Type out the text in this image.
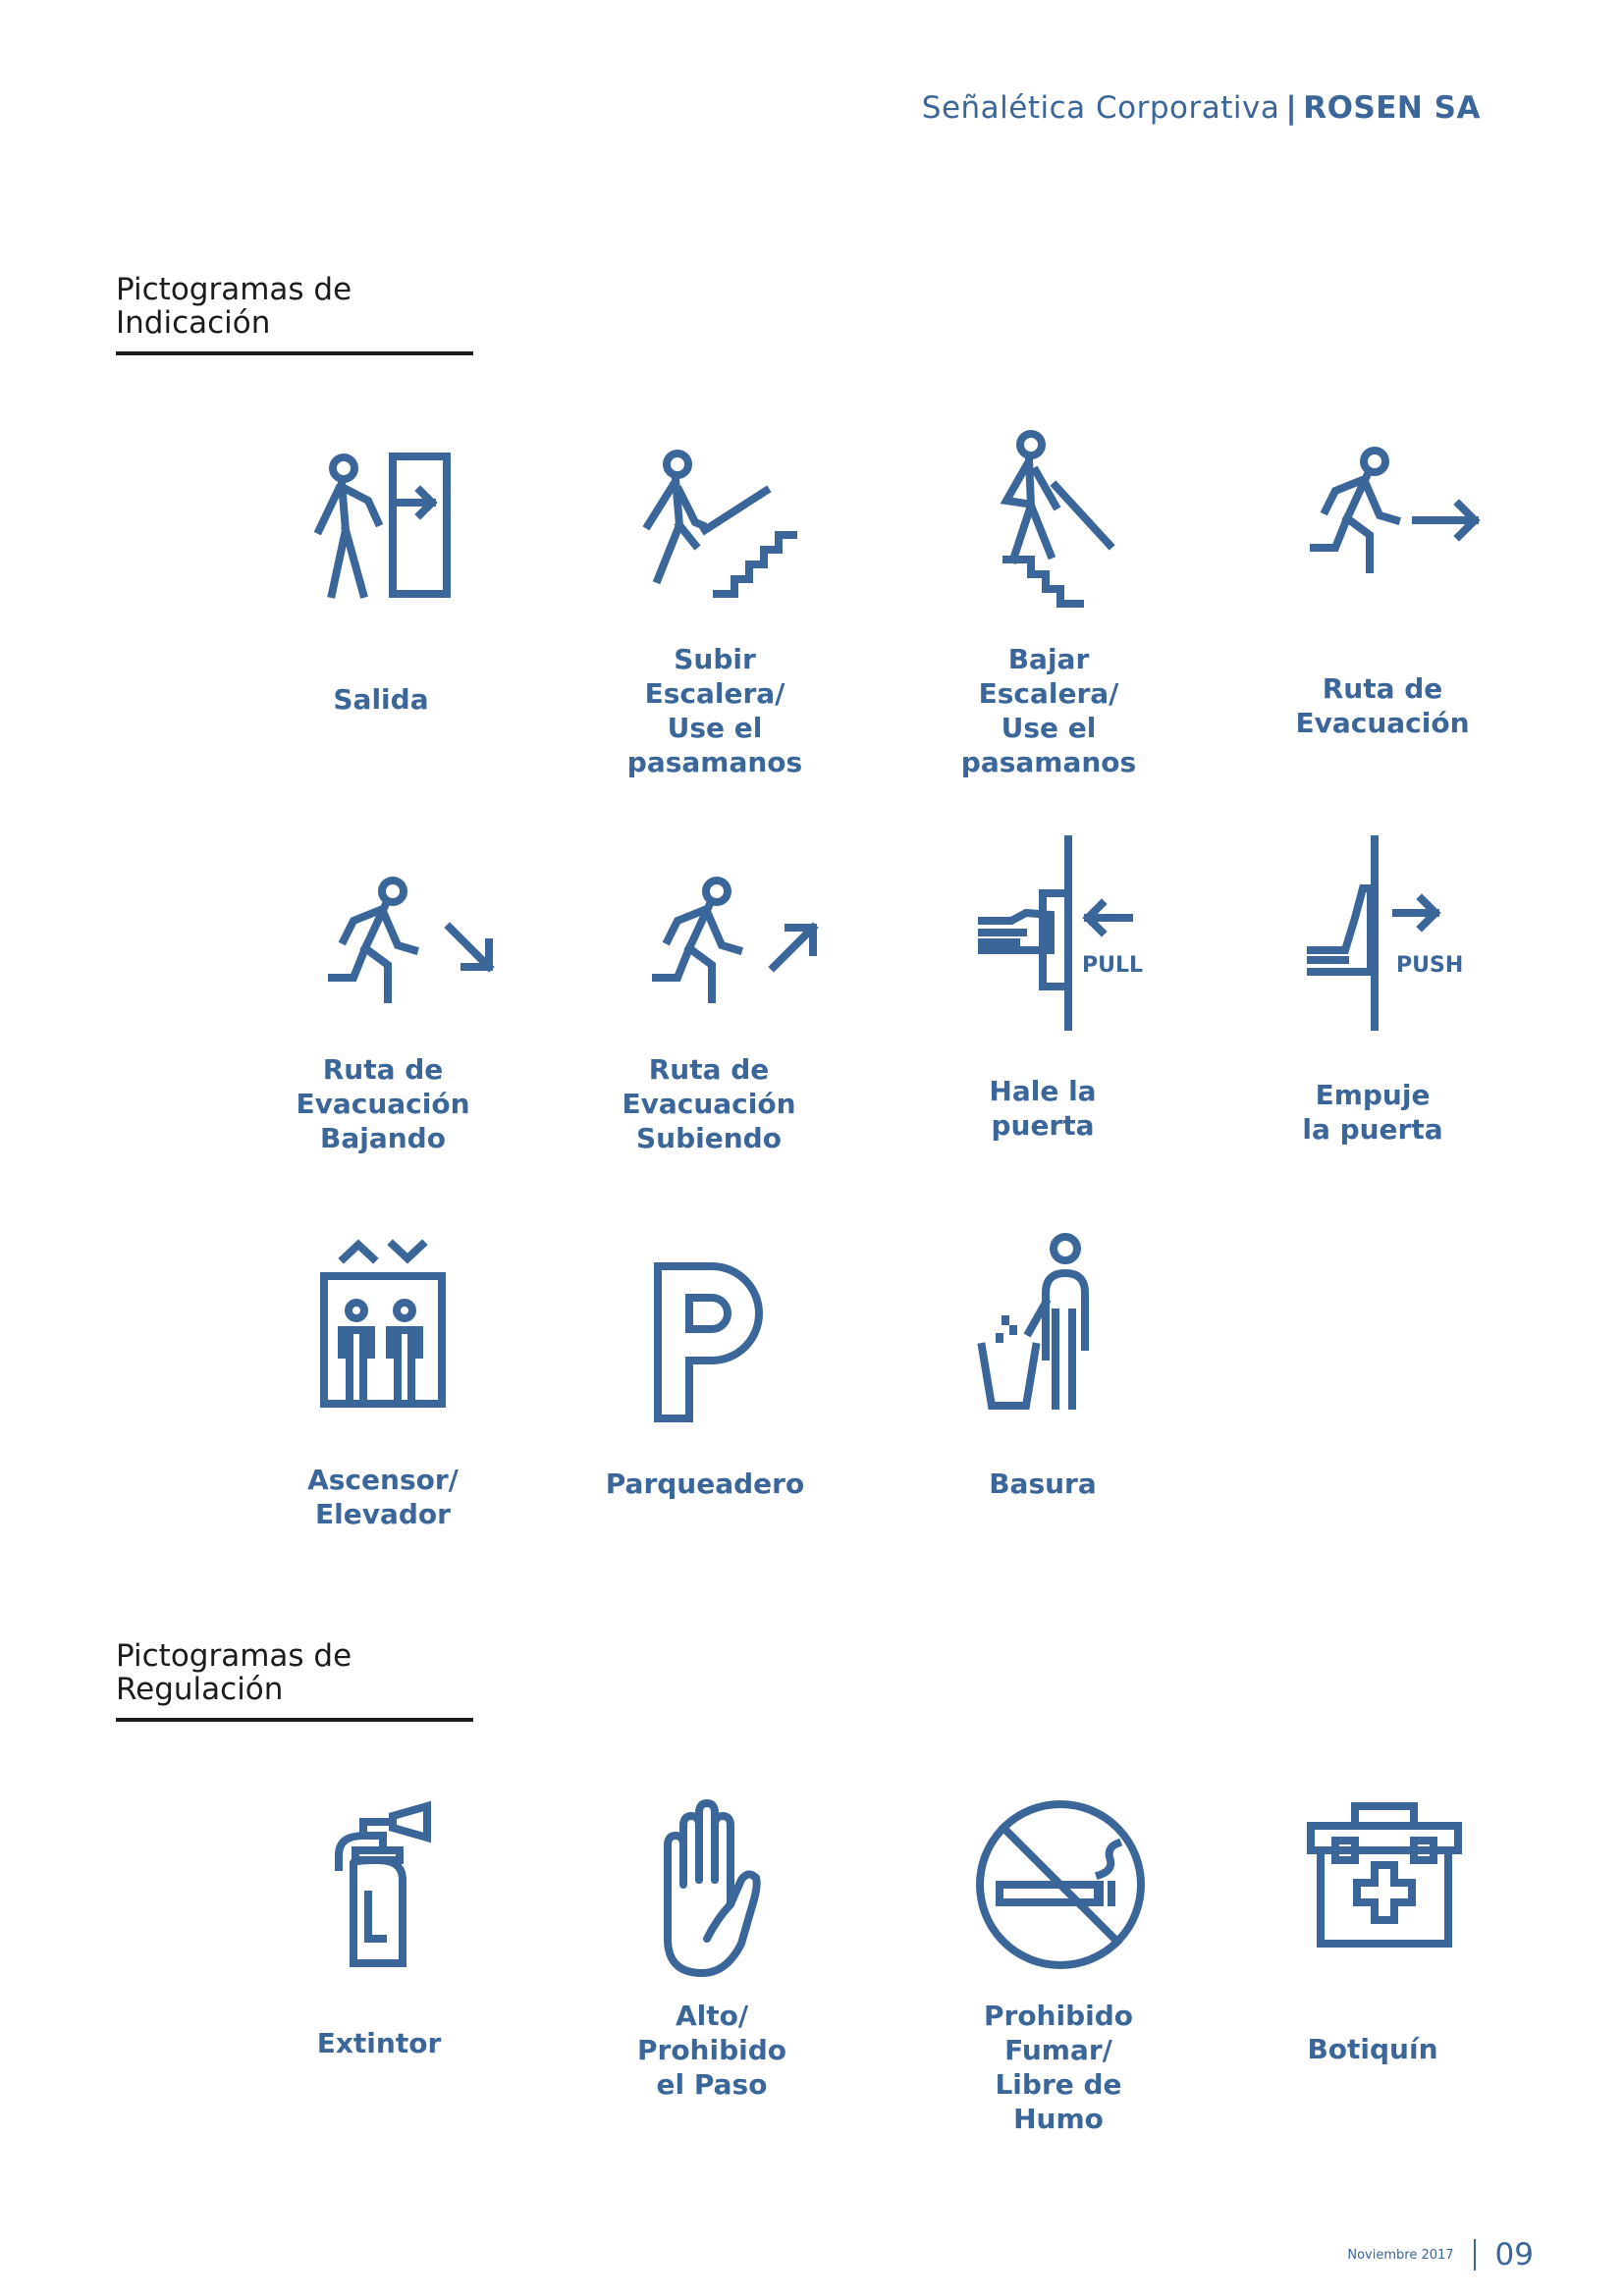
Señalética Corporativa | ROSEN SA
Pictogramas de
Indicación
Salida
Subir
Escalera/
Use el
pasamanos
Bajar
Escalera/
Use el
pasamanos
Ruta de
Evacuación
PULL	PUSH
Ruta de
Evacuación
Bajando
Ruta de
Evacuación
Subiendo
Hale la
puerta
Empuje
la puerta
Ascensor/
Elevador
Parqueadero	Basura
Pictogramas de
Regulación
Extintor
Alto/
Prohibido
el Paso
Prohibido
Fumar/
Libre de
Humo
Botiquín
Noviembre 2017 09
